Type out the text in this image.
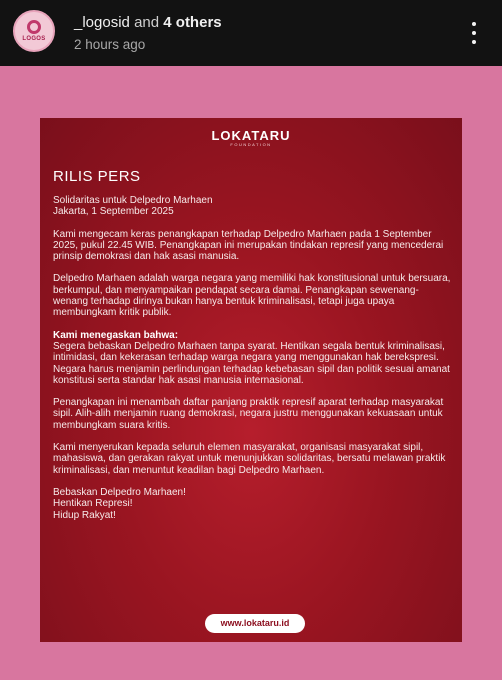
LOGOS
_logosid and 4 others
2 hours ago
LOKATARU
FOUNDATION
RILIS PERS

Solidaritas untuk Delpedro Marhaen
Jakarta, 1 September 2025

Kami mengecam keras penangkapan terhadap Delpedro Marhaen pada 1 September 2025, pukul 22.45 WIB. Penangkapan ini merupakan tindakan represif yang mencederai prinsip demokrasi dan hak asasi manusia.

Delpedro Marhaen adalah warga negara yang memiliki hak konstitusional untuk bersuara, berkumpul, dan menyampaikan pendapat secara damai. Penangkapan sewenang-wenang terhadap dirinya bukan hanya bentuk kriminalisasi, tetapi juga upaya membungkam kritik publik.

Kami menegaskan bahwa:
Segera bebaskan Delpedro Marhaen tanpa syarat. Hentikan segala bentuk kriminalisasi, intimidasi, dan kekerasan terhadap warga negara yang menggunakan hak berekspresi. Negara harus menjamin perlindungan terhadap kebebasan sipil dan politik sesuai amanat konstitusi serta standar hak asasi manusia internasional.

Penangkapan ini menambah daftar panjang praktik represif aparat terhadap masyarakat sipil. Alih-alih menjamin ruang demokrasi, negara justru menggunakan kekuasaan untuk membungkam suara kritis.

Kami menyerukan kepada seluruh elemen masyarakat, organisasi masyarakat sipil, mahasiswa, dan gerakan rakyat untuk menunjukkan solidaritas, bersatu melawan praktik kriminalisasi, dan menuntut keadilan bagi Delpedro Marhaen.

Bebaskan Delpedro Marhaen!
Hentikan Represi!
Hidup Rakyat!

www.lokataru.id
